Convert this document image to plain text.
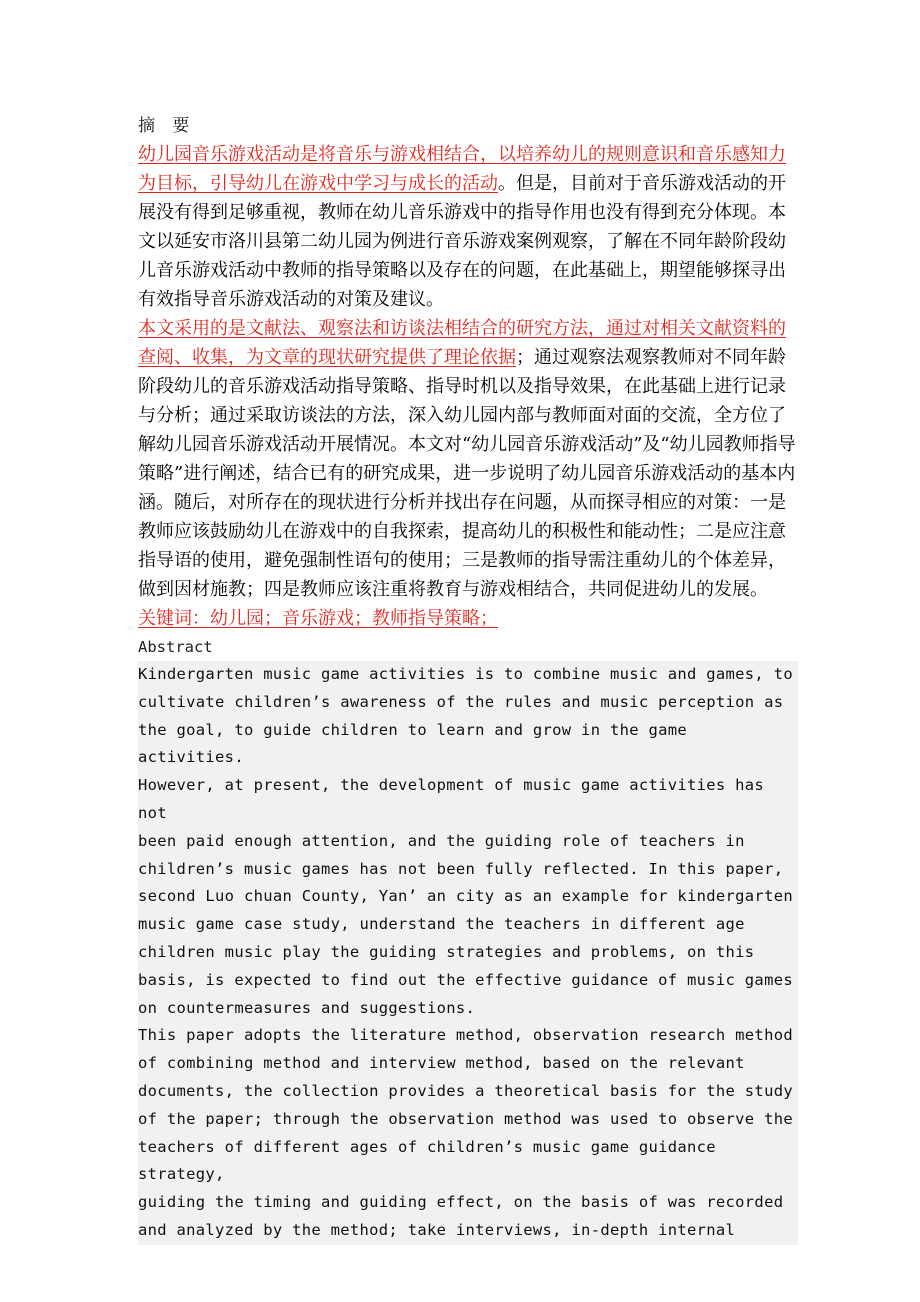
摘 要

幼儿园音乐游戏活动是将音乐与游戏相结合，以培养幼儿的规则意识和音乐感知力为目标，引导幼儿在游戏中学习与成长的活动。但是，目前对于音乐游戏活动的开展没有得到足够重视，教师在幼儿音乐游戏中的指导作用也没有得到充分体现。本文以延安市洛川县第二幼儿园为例进行音乐游戏案例观察，了解在不同年龄阶段幼儿音乐游戏活动中教师的指导策略以及存在的问题，在此基础上，期望能够探寻出有效指导音乐游戏活动的对策及建议。

本文采用的是文献法、观察法和访谈法相结合的研究方法，通过对相关文献资料的查阅、收集，为文章的现状研究提供了理论依据；通过观察法观察教师对不同年龄阶段幼儿的音乐游戏活动指导策略、指导时机以及指导效果，在此基础上进行记录与分析；通过采取访谈法的方法，深入幼儿园内部与教师面对面的交流，全方位了解幼儿园音乐游戏活动开展情况。本文对“幼儿园音乐游戏活动”及“幼儿园教师指导策略”进行阐述，结合已有的研究成果，进一步说明了幼儿园音乐游戏活动的基本内涵。随后，对所存在的现状进行分析并找出存在问题，从而探寻相应的对策：一是教师应该鼓励幼儿在游戏中的自我探索，提高幼儿的积极性和能动性；二是应注意指导语的使用，避免强制性语句的使用；三是教师的指导需注重幼儿的个体差异，做到因材施教；四是教师应该注重将教育与游戏相结合，共同促进幼儿的发展。

关键词：幼儿园；音乐游戏；教师指导策略；

Abstract

Kindergarten music game activities is to combine music and games, to

cultivate children’s awareness of the rules and music perception as

the goal, to guide children to learn and grow in the game activities.

However, at present, the development of music game activities has not

been paid enough attention, and the guiding role of teachers in

children’s music games has not been fully reflected. In this paper,

second Luo chuan County, Yan’ an city as an example for kindergarten

music game case study, understand the teachers in different age

children music play the guiding strategies and problems, on this

basis, is expected to find out the effective guidance of music games

on countermeasures and suggestions.

This paper adopts the literature method, observation research method

of combining method and interview method, based on the relevant

documents, the collection provides a theoretical basis for the study

of the paper; through the observation method was used to observe the

teachers of different ages of children’s music game guidance strategy,

guiding the timing and guiding effect, on the basis of was recorded

and analyzed by the method; take interviews, in-depth internal
